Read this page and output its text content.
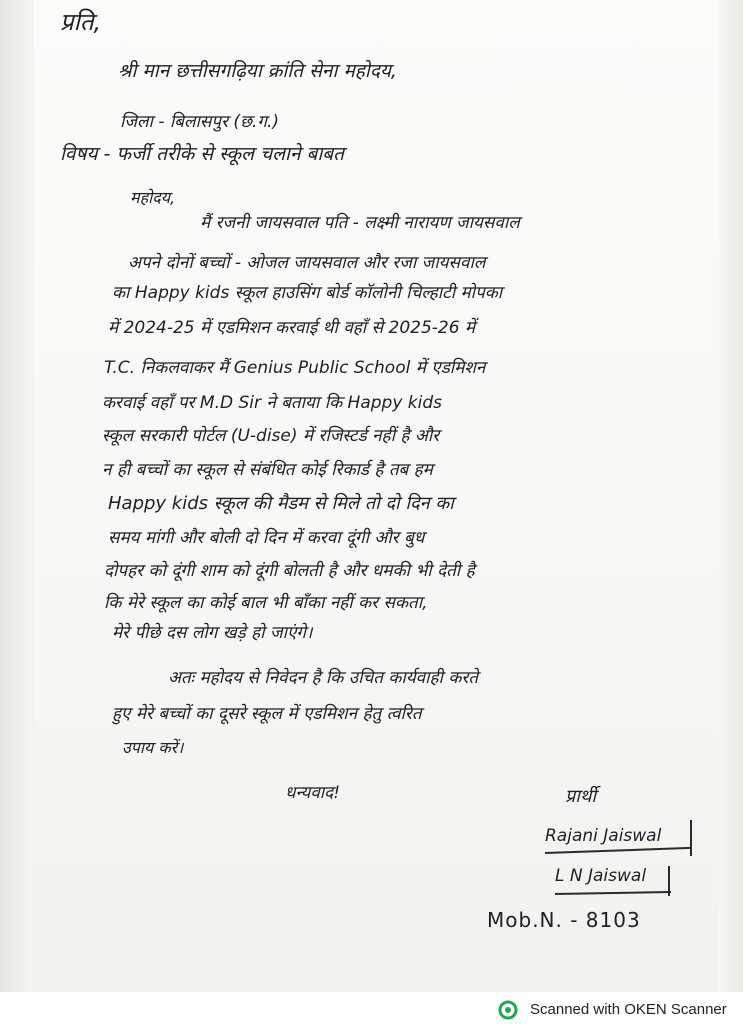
प्रति,
श्री मान छत्तीसगढ़िया क्रांति सेना महोदय,
जिला - बिलासपुर (छ.ग.)
विषय - फर्जी तरीके से स्कूल चलाने बाबत
महोदय,
मैं रजनी जायसवाल पति - लक्ष्मी नारायण जायसवाल
अपने दोनों बच्चों - ओजल जायसवाल और रजा जायसवाल
का Happy kids स्कूल हाउसिंग बोर्ड कॉलोनी चिल्हाटी मोपका
में 2024-25 में एडमिशन करवाई थी वहाँ से 2025-26 में
T.C. निकलवाकर मैं Genius Public School में एडमिशन
करवाई वहाँ पर M.D Sir ने बताया कि Happy kids
स्कूल सरकारी पोर्टल (U-dise) में रजिस्टर्ड नहीं है और
न ही बच्चों का स्कूल से संबंधित कोई रिकार्ड है तब हम
Happy kids स्कूल की मैडम से मिले तो दो दिन का
समय मांगी और बोली दो दिन में करवा दूंगी और बुध
दोपहर को दूंगी शाम को दूंगी बोलती है और धमकी भी देती है
कि मेरे स्कूल का कोई बाल भी बाँका नहीं कर सकता,
मेरे पीछे दस लोग खड़े हो जाएंगे।
अतः महोदय से निवेदन है कि उचित कार्यवाही करते
हुए मेरे बच्चों का दूसरे स्कूल में एडमिशन हेतु त्वरित
उपाय करें।
धन्यवाद!	प्रार्थी
Rajani Jaiswal
L N Jaiswal
Mob.N. - 8103
Scanned with OKEN Scanner
